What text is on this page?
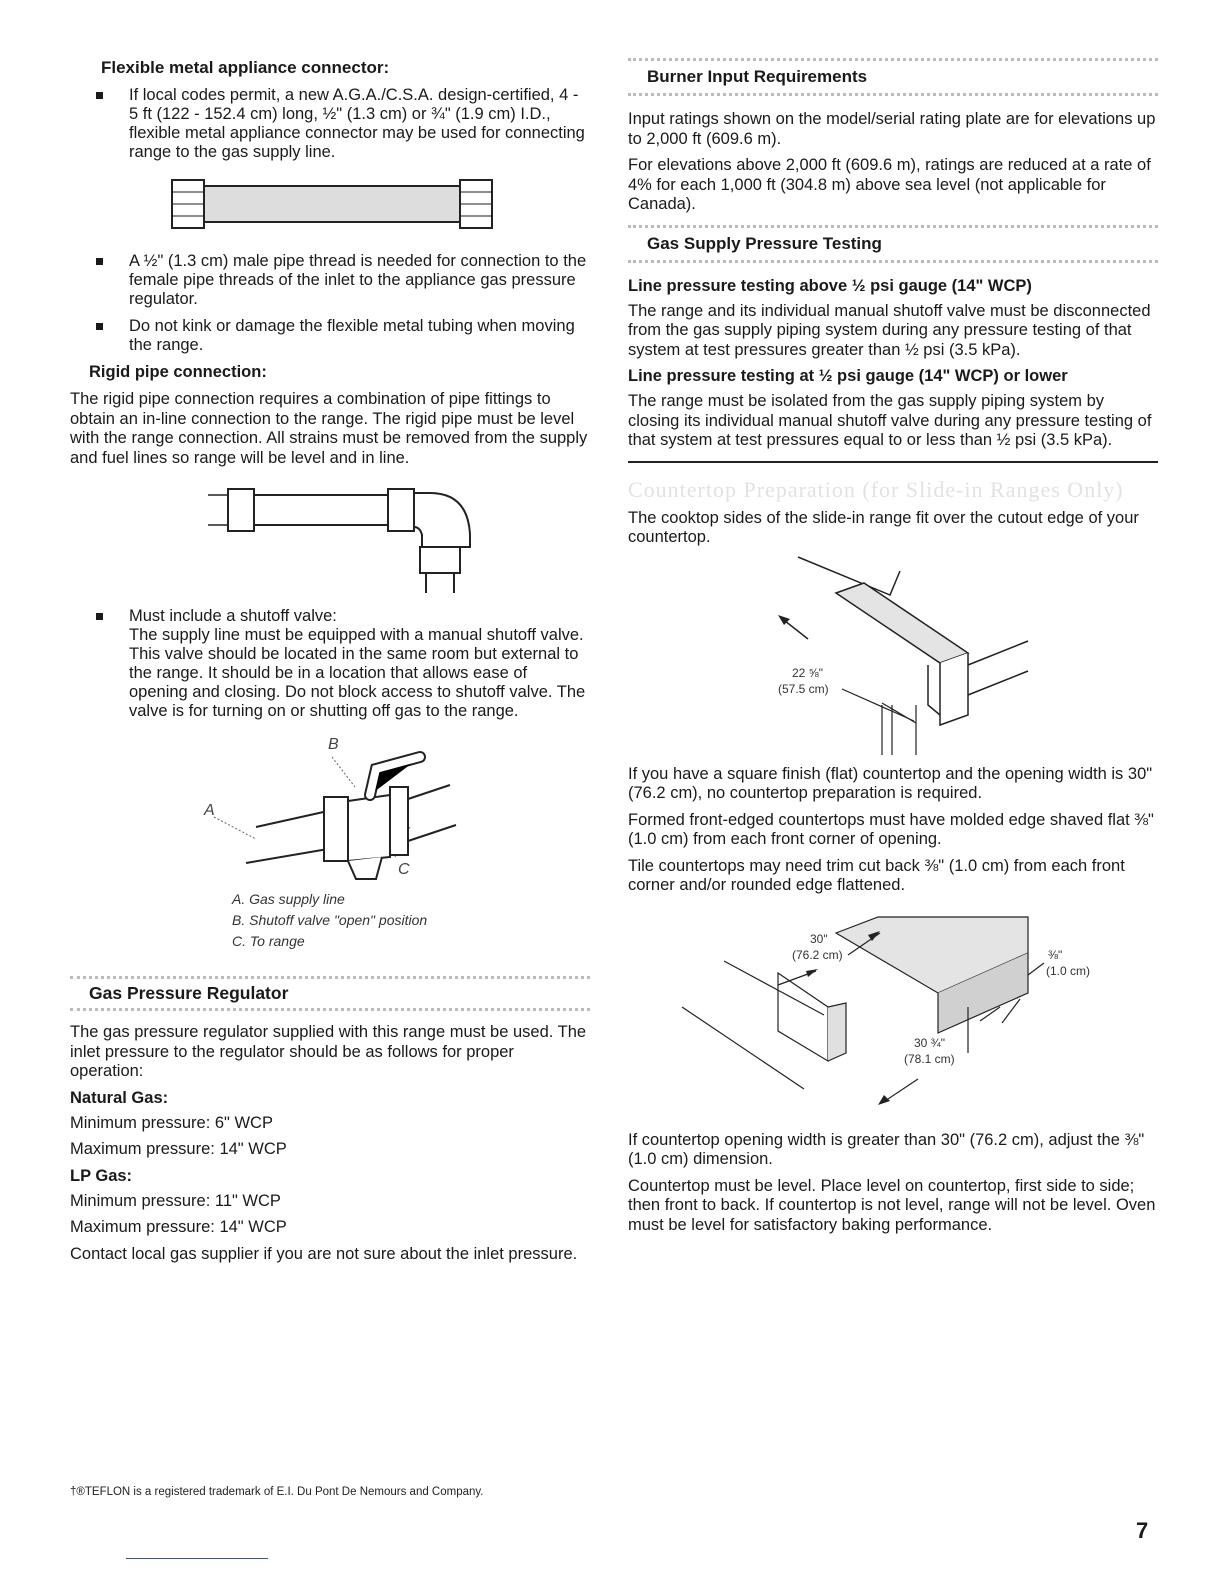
Flexible metal appliance connector:
If local codes permit, a new A.G.A./C.S.A. design-certified, 4 - 5 ft (122 - 152.4 cm) long, ½" (1.3 cm) or ¾" (1.9 cm) I.D., flexible metal appliance connector may be used for connecting range to the gas supply line.
A ½" (1.3 cm) male pipe thread is needed for connection to the female pipe threads of the inlet to the appliance gas pressure regulator.
Do not kink or damage the flexible metal tubing when moving the range.
Rigid pipe connection:

The rigid pipe connection requires a combination of pipe fittings to obtain an in-line connection to the range. The rigid pipe must be level with the range connection. All strains must be removed from the supply and fuel lines so range will be level and in line.

Must include a shutoff valve:
The supply line must be equipped with a manual shutoff valve. This valve should be located in the same room but external to the range. It should be in a location that allows ease of opening and closing. Do not block access to shutoff valve. The valve is for turning on or shutting off gas to the range.
B
A
C
A. Gas supply line
B. Shutoff valve "open" position
C. To range
Gas Pressure Regulator

The gas pressure regulator supplied with this range must be used. The inlet pressure to the regulator should be as follows for proper operation:

Natural Gas:

Minimum pressure: 6" WCP

Maximum pressure: 14" WCP

LP Gas:

Minimum pressure: 11" WCP

Maximum pressure: 14" WCP

Contact local gas supplier if you are not sure about the inlet pressure.

Burner Input Requirements

Input ratings shown on the model/serial rating plate are for elevations up to 2,000 ft (609.6 m).

For elevations above 2,000 ft (609.6 m), ratings are reduced at a rate of 4% for each 1,000 ft (304.8 m) above sea level (not applicable for Canada).

Gas Supply Pressure Testing
Line pressure testing above ½ psi gauge (14" WCP)

The range and its individual manual shutoff valve must be disconnected from the gas supply piping system during any pressure testing of that system at test pressures greater than ½ psi (3.5 kPa).

Line pressure testing at ½ psi gauge (14" WCP) or lower

The range must be isolated from the gas supply piping system by closing its individual manual shutoff valve during any pressure testing of that system at test pressures equal to or less than ½ psi (3.5 kPa).

Countertop Preparation (for Slide-in Ranges Only)

The cooktop sides of the slide-in range fit over the cutout edge of your countertop.

22 ⅝"
(57.5 cm)

If you have a square finish (flat) countertop and the opening width is 30" (76.2 cm), no countertop preparation is required.

Formed front-edged countertops must have molded edge shaved flat ⅜" (1.0 cm) from each front corner of opening.

Tile countertops may need trim cut back ⅜" (1.0 cm) from each front corner and/or rounded edge flattened.

30"
(76.2 cm)	⅜"
(1.0 cm)
30 ¾"
(78.1 cm)

If countertop opening width is greater than 30" (76.2 cm), adjust the ⅜" (1.0 cm) dimension.

Countertop must be level. Place level on countertop, first side to side; then front to back. If countertop is not level, range will not be level. Oven must be level for satisfactory baking performance.

†®TEFLON is a registered trademark of E.I. Du Pont De Nemours and Company.
7
